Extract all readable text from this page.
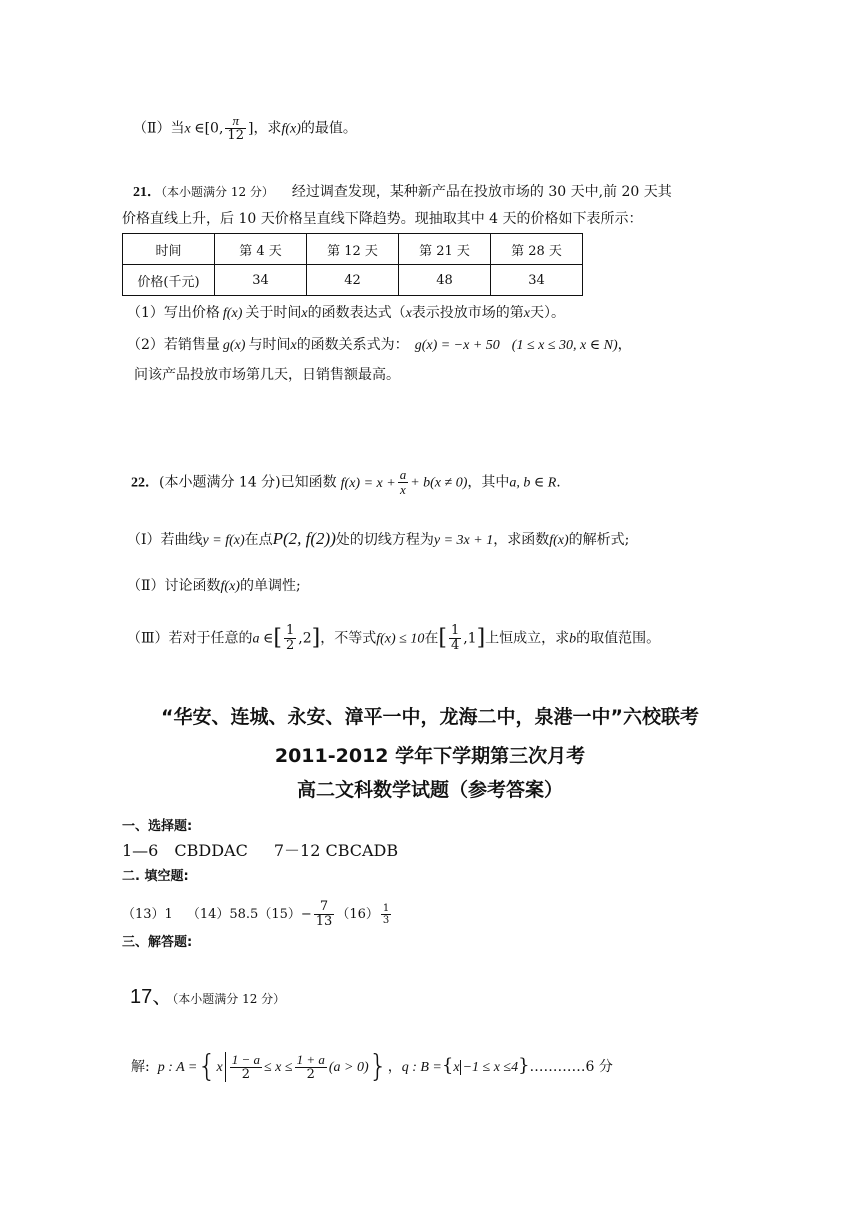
（Ⅱ）当x ∈[0, $\frac{\pi}{12}$ ]，求f(x)的最值。
21．（本小题满分 12 分） 经过调查发现，某种新产品在投放市场的 30 天中,前 20 天其
价格直线上升，后 10 天价格呈直线下降趋势。现抽取其中 4 天的价格如下表所示：
时间	第 4 天	第 12 天	第 21 天	第 28 天
价格(千元)	34	42	48	34
（1）写出价格 f(x) 关于时间x的函数表达式（x表示投放市场的第x天）。
（2）若销售量 g(x) 与时间x的函数关系式为： g(x) = −x + 50 (1 ≤ x ≤ 30, x ∈ N)，
问该产品投放市场第几天，日销售额最高。
22．(本小题满分 14 分)已知函数 $f(x) = x + \frac{a}{x} + b(x \ne 0)$，其中a, b ∈ R.
（Ⅰ）若曲线y = f(x)在点P(2, f(2))处的切线方程为y = 3x + 1，求函数f(x)的解析式;
（Ⅱ）讨论函数f(x)的单调性;
（Ⅲ）若对于任意的a ∈[ $\frac{1}{2} ,2$]，不等式f(x) ≤ 10在[ $\frac{1}{4} ,1$]上恒成立，求b的取值范围。
“华安、连城、永安、漳平一中，龙海二中，泉港一中”六校联考
2011-2012 学年下学期第三次月考
高二文科数学试题（参考答案）
一、选择题:
1—6　CBDDAC 7－12 CBCADB
二. 填空题:
（13）1 $(14)58.5(15)- \frac{7}{13} (16) \frac{1}{3}$
三、解答题:
17、（本小题满分 12 分）
解: p : $A =\{x \frac{1 - a}{2} \le x \le \frac{1 + a}{2} (a > 0)\}$，q : B ={x −1 ≤ x ≤4}…………6 分
